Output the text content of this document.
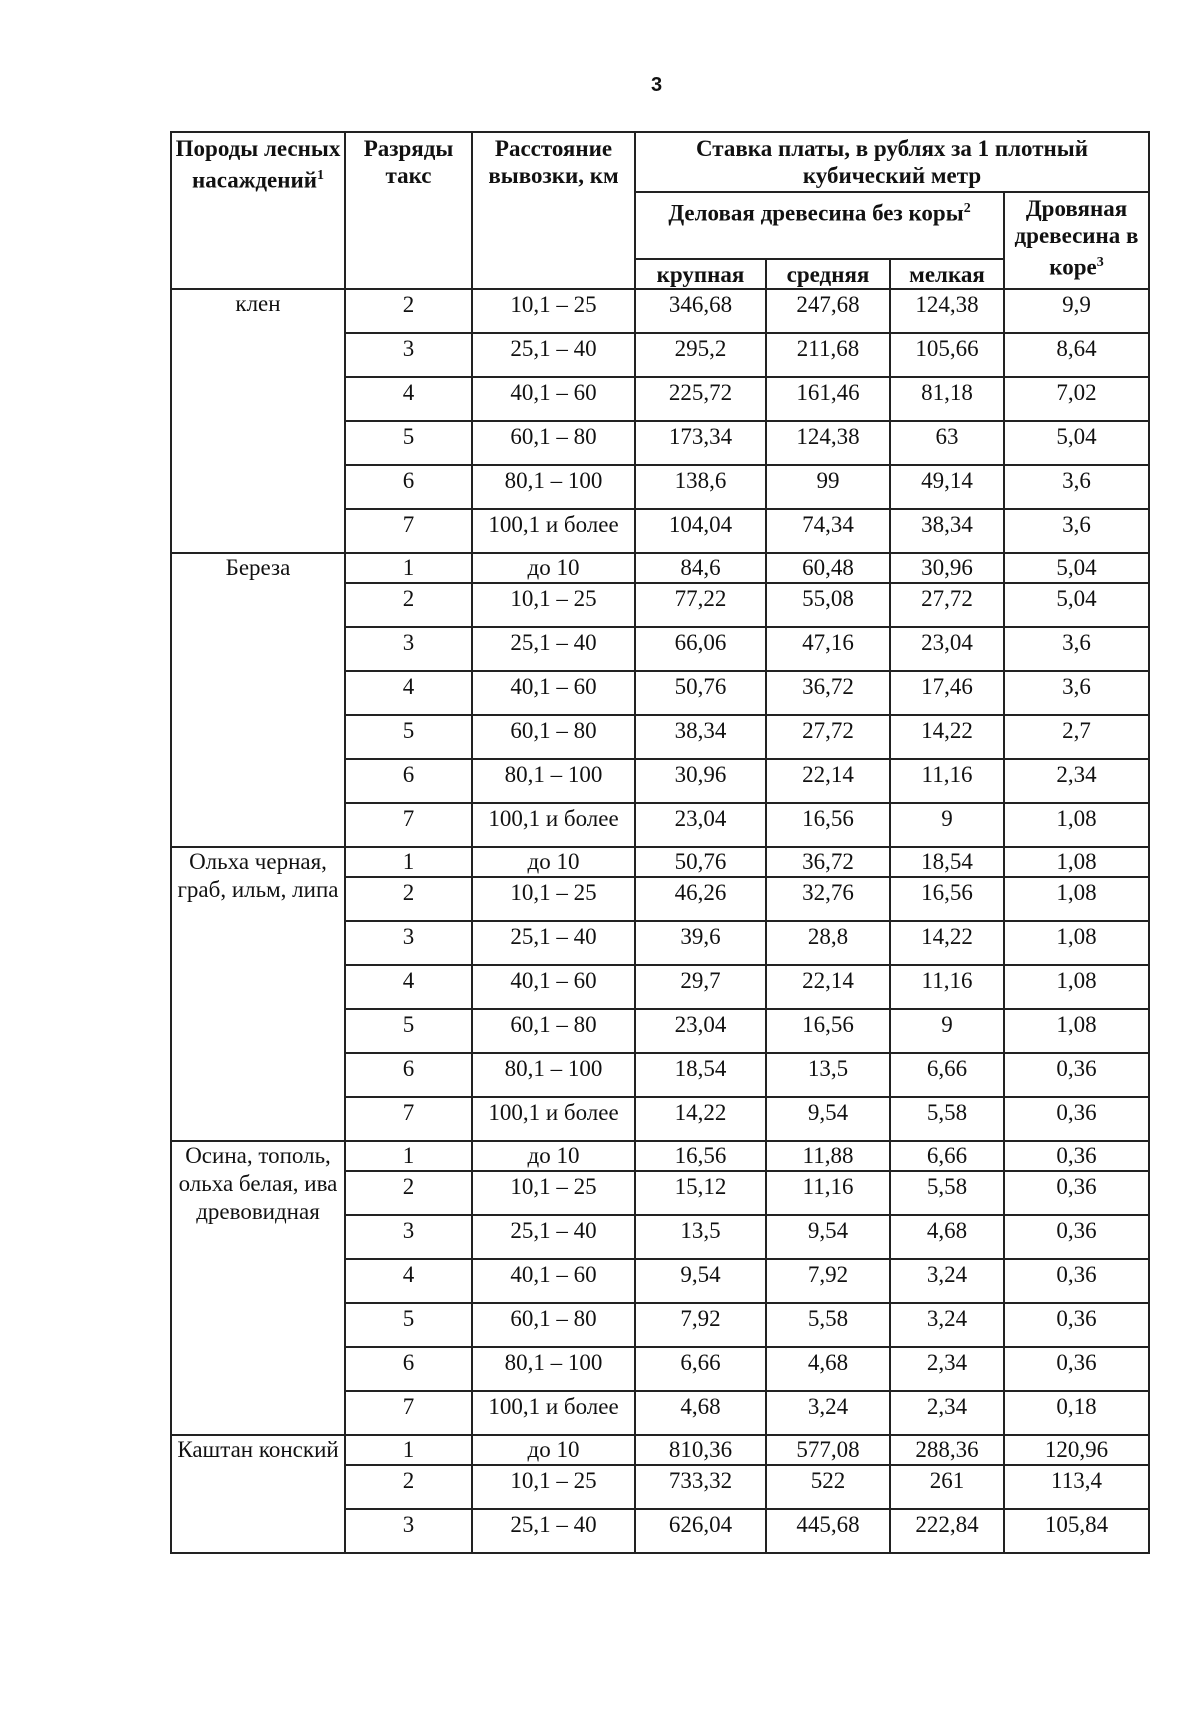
3
Породы лесных насаждений$^1$	Разряды такс	Расстояние вывозки, км	Ставка платы, в рублях за 1 плотный кубический метр			
			Деловая древесина без коры$^2$			Дровяная древесина в коре$^3$
			крупная	средняя	мелкая	
клен	2	10,1 – 25	346,68	247,68	124,38	9,9
	3	25,1 – 40	295,2	211,68	105,66	8,64
	4	40,1 – 60	225,72	161,46	81,18	7,02
	5	60,1 – 80	173,34	124,38	63	5,04
	6	80,1 – 100	138,6	99	49,14	3,6
	7	100,1 и более	104,04	74,34	38,34	3,6
Береза	1	до 10	84,6	60,48	30,96	5,04
	2	10,1 – 25	77,22	55,08	27,72	5,04
	3	25,1 – 40	66,06	47,16	23,04	3,6
	4	40,1 – 60	50,76	36,72	17,46	3,6
	5	60,1 – 80	38,34	27,72	14,22	2,7
	6	80,1 – 100	30,96	22,14	11,16	2,34
	7	100,1 и более	23,04	16,56	9	1,08
Ольха черная, граб, ильм, липа	1	до 10	50,76	36,72	18,54	1,08
	2	10,1 – 25	46,26	32,76	16,56	1,08
	3	25,1 – 40	39,6	28,8	14,22	1,08
	4	40,1 – 60	29,7	22,14	11,16	1,08
	5	60,1 – 80	23,04	16,56	9	1,08
	6	80,1 – 100	18,54	13,5	6,66	0,36
	7	100,1 и более	14,22	9,54	5,58	0,36
Осина, тополь, ольха белая, ива древовидная	1	до 10	16,56	11,88	6,66	0,36
	2	10,1 – 25	15,12	11,16	5,58	0,36
	3	25,1 – 40	13,5	9,54	4,68	0,36
	4	40,1 – 60	9,54	7,92	3,24	0,36
	5	60,1 – 80	7,92	5,58	3,24	0,36
	6	80,1 – 100	6,66	4,68	2,34	0,36
	7	100,1 и более	4,68	3,24	2,34	0,18
Каштан конский	1	до 10	810,36	577,08	288,36	120,96
	2	10,1 – 25	733,32	522	261	113,4
	3	25,1 – 40	626,04	445,68	222,84	105,84
